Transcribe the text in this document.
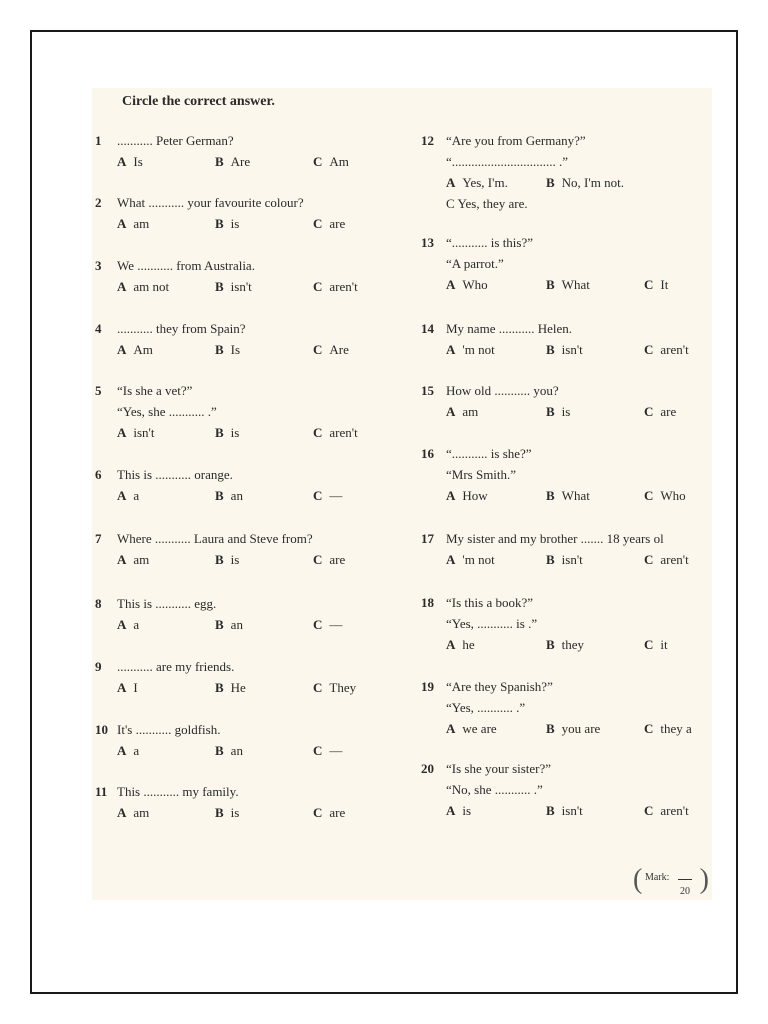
Circle the correct answer.
1 ........... Peter German?
A Is	B Are	C Am
2 What ........... your favourite colour?
A am	B is	C are
3 We ........... from Australia.
A am not	B isn't	C aren't
4 ........... they from Spain?
A Am	B Is	C Are
5 “Is she a vet?”
“Yes, she ........... .”
A isn't	B is	C aren't
6 This is ........... orange.
A a	B an	C —
7 Where ........... Laura and Steve from?
A am	B is	C are
8 This is ........... egg.
A a	B an	C —
9 ........... are my friends.
A I	B He	C They
10 It's ........... goldfish.
A a	B an	C —
11 This ........... my family.
A am	B is	C are
12 “Are you from Germany?”
“................................ .”
A Yes, I'm.	B No, I'm not.
C Yes, they are.
13 “........... is this?”
“A parrot.”
A Who	B What	C It
14 My name ........... Helen.
A 'm not	B isn't	C aren't
15 How old ........... you?
A am	B is	C are
16 “........... is she?”
“Mrs Smith.”
A How	B What	C Who
17 My sister and my brother ....... 18 years ol
A 'm not	B isn't	C aren't
18 “Is this a book?”
“Yes, ........... is .”
A he	B they	C it
19 “Are they Spanish?”
“Yes, ........... .”
A we are	B you are	C they a
20 “Is she your sister?”
“No, she ........... .”
A is	B isn't	C aren't
( Mark:
20 )
